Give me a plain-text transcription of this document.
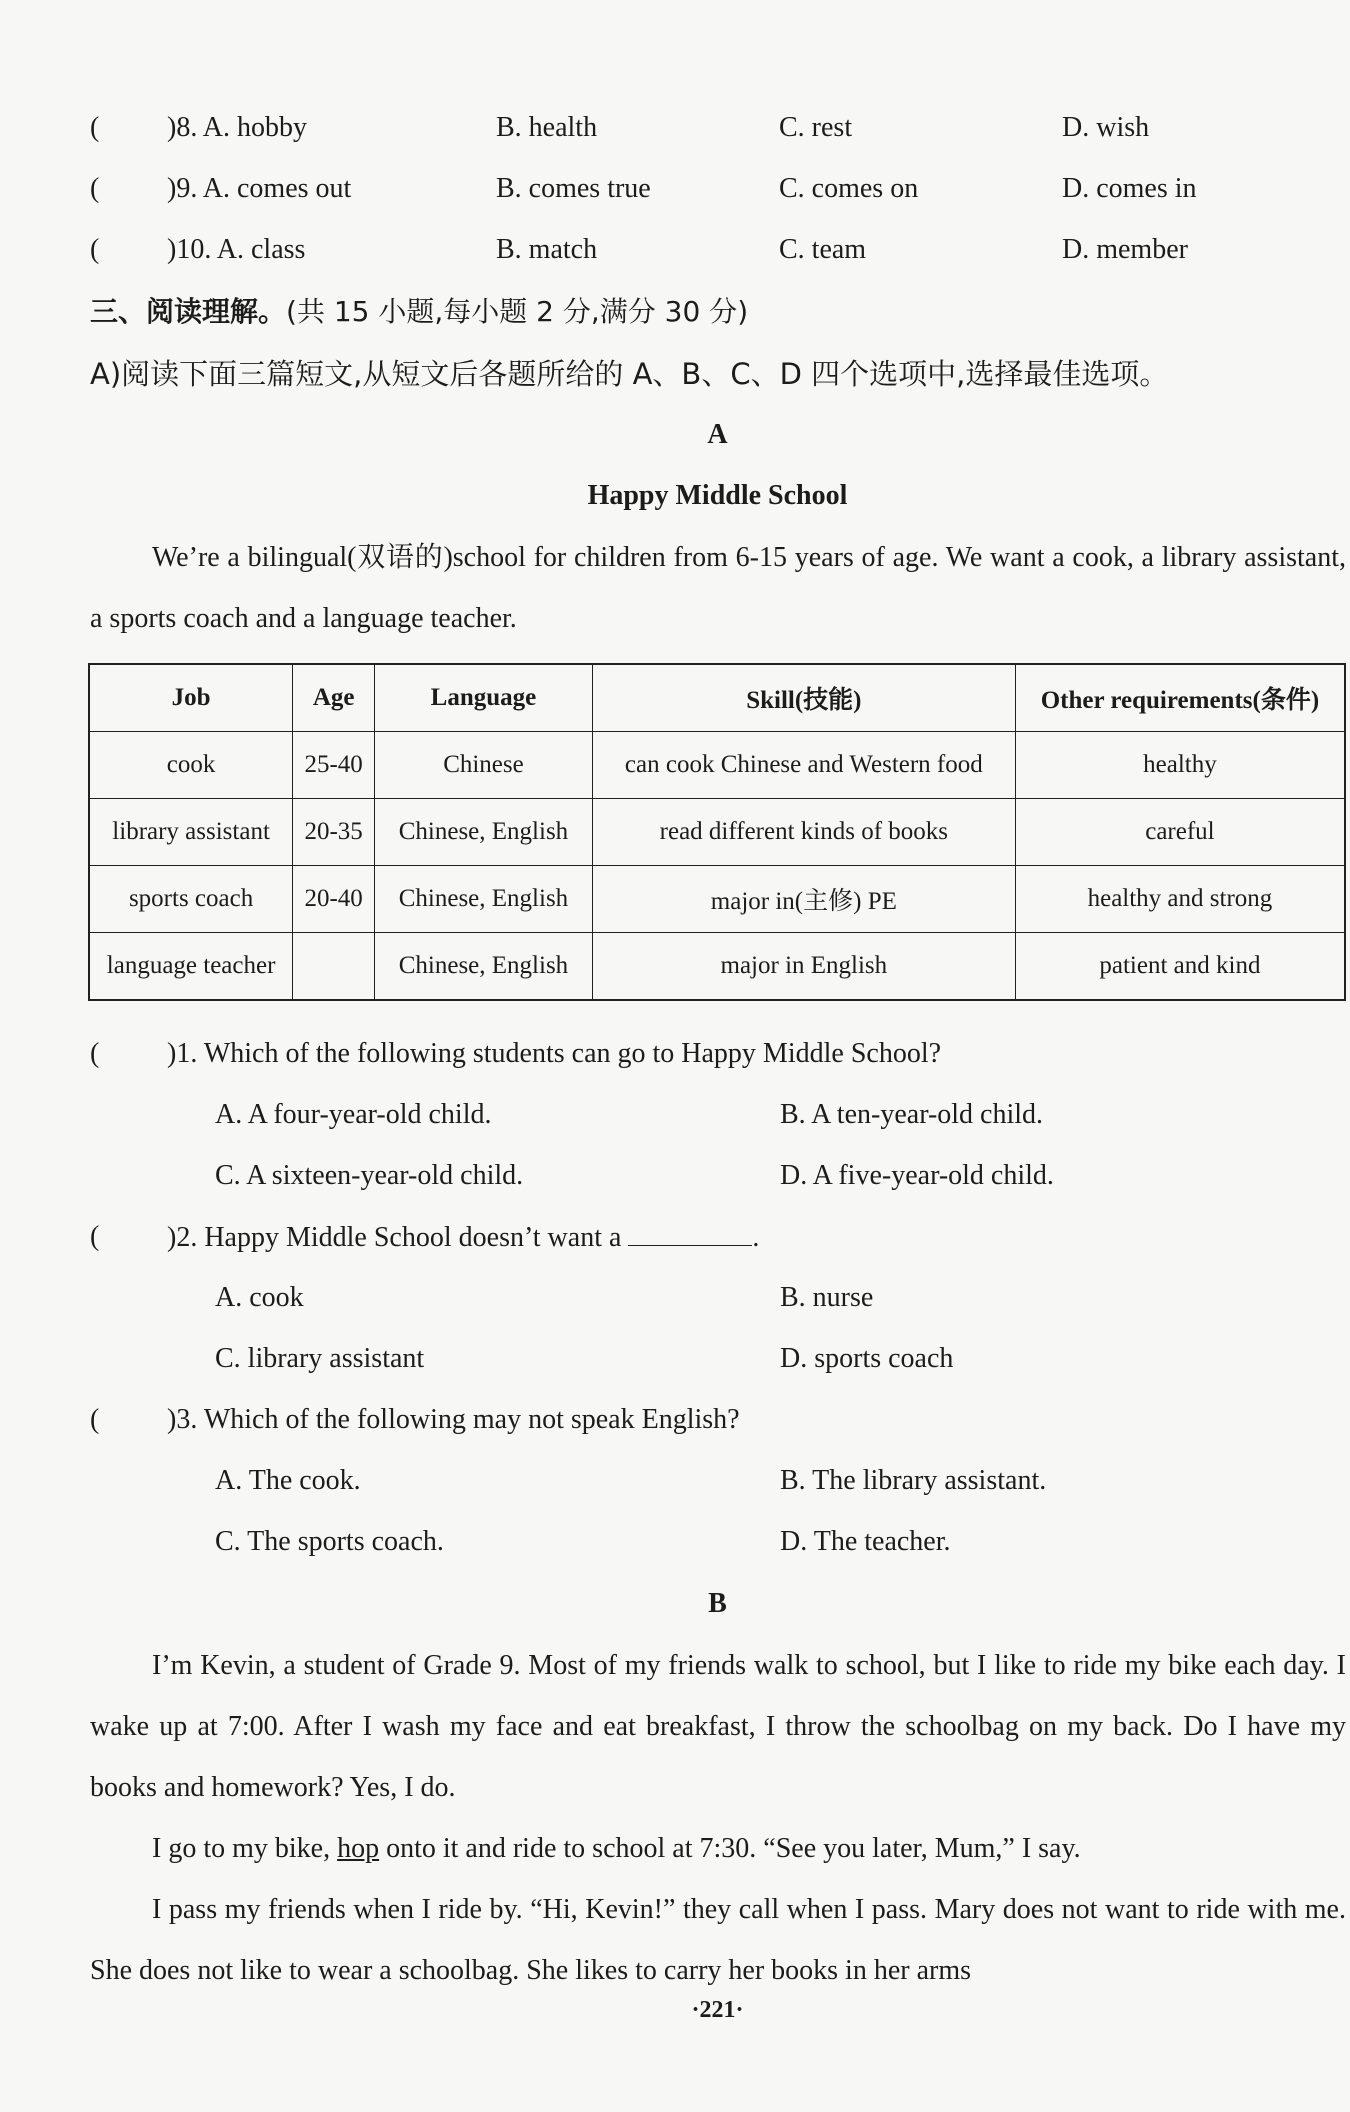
( )8. A. hobby	B. health	C. rest	D. wish
( )9. A. comes out	B. comes true	C. comes on	D. comes in
( )10. A. class	B. match	C. team	D. member
三、阅读理解。(共 15 小题,每小题 2 分,满分 30 分)
A)阅读下面三篇短文,从短文后各题所给的 A、B、C、D 四个选项中,选择最佳选项。
A
Happy Middle School
We’re a bilingual(双语的)school for children from 6-15 years of age. We want a cook, a library assistant, a sports coach and a language teacher.
Job	Age	Language	Skill(技能)	Other requirements(条件)
cook	25-40	Chinese	can cook Chinese and Western food	healthy
library assistant	20-35	Chinese, English	read different kinds of books	careful
sports coach	20-40	Chinese, English	major in(主修) PE	healthy and strong
language teacher		Chinese, English	major in English	patient and kind
( )1. Which of the following students can go to Happy Middle School?
A. A four-year-old child.	B. A ten-year-old child.
C. A sixteen-year-old child.	D. A five-year-old child.
( )2. Happy Middle School doesn’t want a	.
A. cook	B. nurse
C. library assistant	D. sports coach
( )3. Which of the following may not speak English?
A. The cook.	B. The library assistant.
C. The sports coach.	D. The teacher.
B
I’m Kevin, a student of Grade 9. Most of my friends walk to school, but I like to ride my bike each day. I wake up at 7:00. After I wash my face and eat breakfast, I throw the schoolbag on my back. Do I have my books and homework? Yes, I do.
I go to my bike, hop onto it and ride to school at 7:30. “See you later, Mum,” I say.
I pass my friends when I ride by. “Hi, Kevin!” they call when I pass. Mary does not want to ride with me. She does not like to wear a schoolbag. She likes to carry her books in her arms
·221·
